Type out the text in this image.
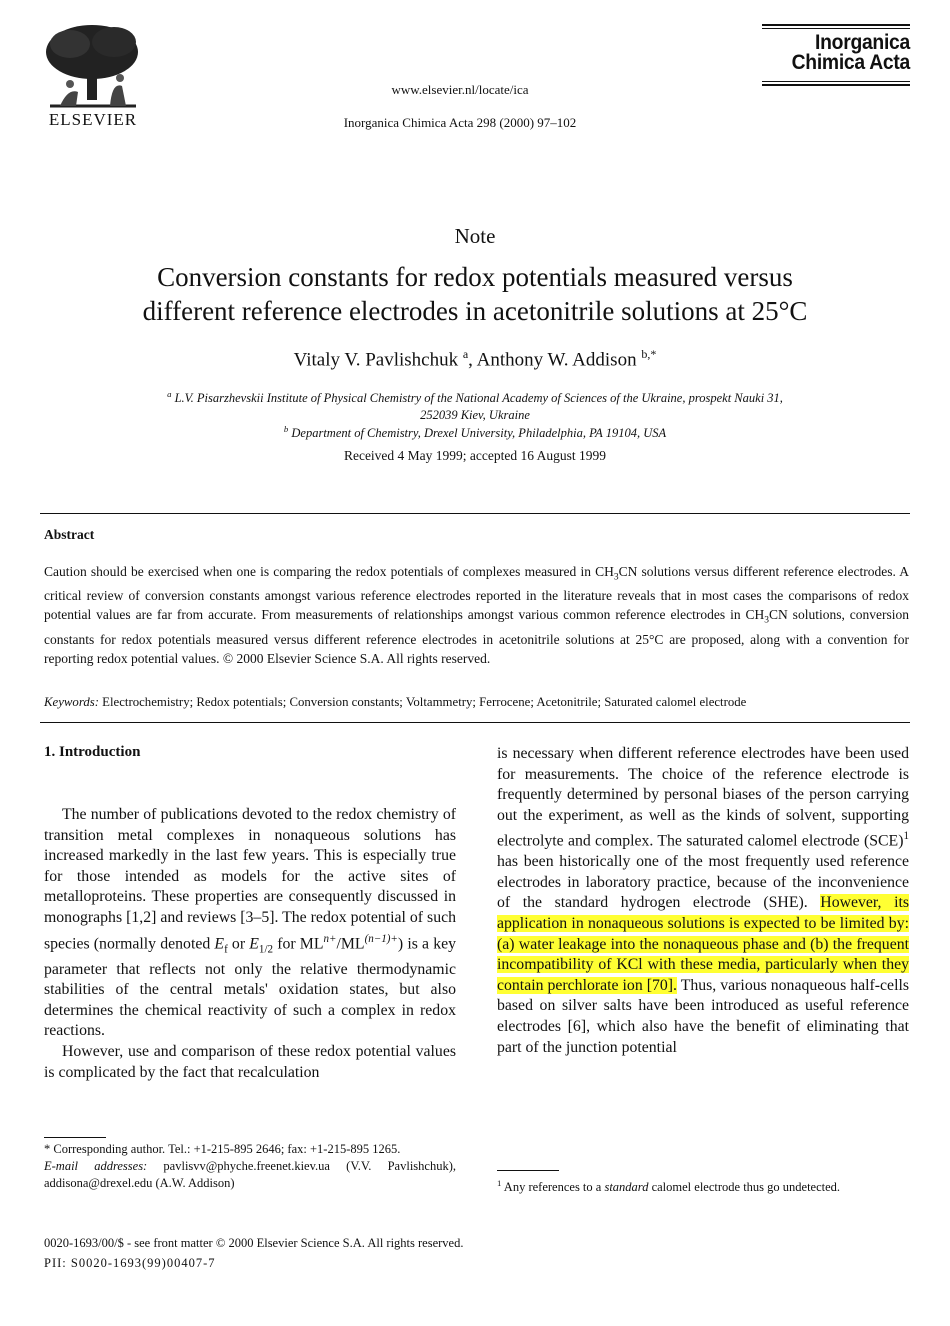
ELSEVIER
www.elsevier.nl/locate/ica
Inorganica Chimica Acta 298 (2000) 97–102
Inorganica
Chimica Acta
Note
Conversion constants for redox potentials measured versus
different reference electrodes in acetonitrile solutions at 25°C
Vitaly V. Pavlishchuk $^a$, Anthony W. Addison $^{b,*}$
$^a$ L.V. Pisarzhevskii Institute of Physical Chemistry of the National Academy of Sciences of the Ukraine, prospekt Nauki 31,
252039 Kiev, Ukraine
$^b$ Department of Chemistry, Drexel University, Philadelphia, PA 19104, USA
Received 4 May 1999; accepted 16 August 1999
Abstract
Caution should be exercised when one is comparing the redox potentials of complexes measured in $CH_3CN$ solutions versus different reference electrodes. A critical review of conversion constants amongst various reference electrodes reported in the literature reveals that in most cases the comparisons of redox potential values are far from accurate. From measurements of relationships amongst various common reference electrodes in $CH_3CN$ solutions, conversion constants for redox potentials measured versus different reference electrodes in acetonitrile solutions at 25°C are proposed, along with a convention for reporting redox potential values. © 2000 Elsevier Science S.A. All rights reserved.
Keywords: Electrochemistry; Redox potentials; Conversion constants; Voltammetry; Ferrocene; Acetonitrile; Saturated calomel electrode
1. Introduction

The number of publications devoted to the redox chemistry of transition metal complexes in nonaqueous solutions has increased markedly in the last few years. This is especially true for those intended as models for the active sites of metalloproteins. These properties are consequently discussed in monographs [1,2] and reviews [3–5]. The redox potential of such species (normally denoted $E_f$ or $E_{1/2}$ for $ML^{n+}/ML^{(n-1)+}$) is a key parameter that reflects not only the relative thermodynamic stabilities of the central metals' oxidation states, but also determines the chemical reactivity of such a complex in redox reactions.

However, use and comparison of these redox potential values is complicated by the fact that recalculation

is necessary when different reference electrodes have been used for measurements. The choice of the reference electrode is frequently determined by personal biases of the person carrying out the experiment, as well as the kinds of solvent, supporting electrolyte and complex. The saturated calomel electrode (SCE)$^1$ has been historically one of the most frequently used reference electrodes in laboratory practice, because of the inconvenience of the standard hydrogen electrode (SHE). However, its application in nonaqueous solutions is expected to be limited by: (a) water leakage into the nonaqueous phase and (b) the frequent incompatibility of KCl with these media, particularly when they contain perchlorate ion [70]. Thus, various nonaqueous half-cells based on silver salts have been introduced as useful reference electrodes [6], which also have the benefit of eliminating that part of the junction potential

* Corresponding author. Tel.: +1-215-895 2646; fax: +1-215-895 1265.
E-mail addresses: pavlisvv@phyche.freenet.kiev.ua (V.V. Pavlishchuk), addisona@drexel.edu (A.W. Addison)	$^1$ Any references to a standard calomel electrode thus go undetected.
0020-1693/00/$ - see front matter © 2000 Elsevier Science S.A. All rights reserved.
PII: S0020-1693(99)00407-7
